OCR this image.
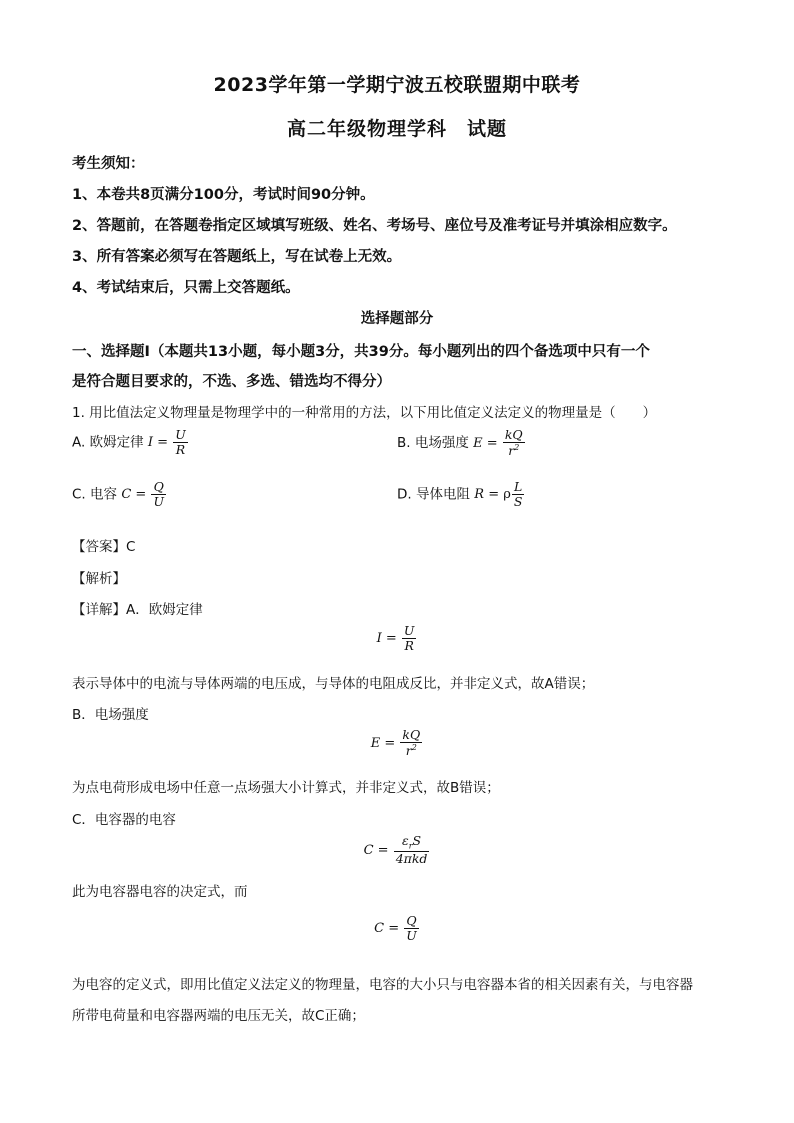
2023学年第一学期宁波五校联盟期中联考
高二年级物理学科　试题
考生须知：
1、本卷共8页满分100分，考试时间90分钟。
2、答题前，在答题卷指定区域填写班级、姓名、考场号、座位号及准考证号并填涂相应数字。
3、所有答案必须写在答题纸上，写在试卷上无效。
4、考试结束后，只需上交答题纸。
选择题部分
一、选择题Ⅰ（本题共13小题，每小题3分，共39分。每小题列出的四个备选项中只有一个
是符合题目要求的，不选、多选、错选均不得分）
1. 用比值法定义物理量是物理学中的一种常用的方法，以下用比值定义法定义的物理量是（　　）
A. 欧姆定律 $I = \frac{U}{R}$	B. 电场强度 $E = \frac{kQ}{r^2}$
C. 电容 $C = \frac{Q}{U}$	D. 导体电阻 R = ρ $\frac{L}{S}$
【答案】C
【解析】
【详解】A．欧姆定律
$I = \frac{U}{R}$
表示导体中的电流与导体两端的电压成，与导体的电阻成反比，并非定义式，故A错误；
B．电场强度
$E = \frac{kQ}{r^2}$
为点电荷形成电场中任意一点场强大小计算式，并非定义式，故B错误；
C．电容器的电容
$C = \frac{\varepsilon_rS}{\text{4πkd}}$
此为电容器电容的决定式，而
$C = \frac{Q}{U}$
为电容的定义式，即用比值定义法定义的物理量，电容的大小只与电容器本省的相关因素有关，与电容器
所带电荷量和电容器两端的电压无关，故C正确；
